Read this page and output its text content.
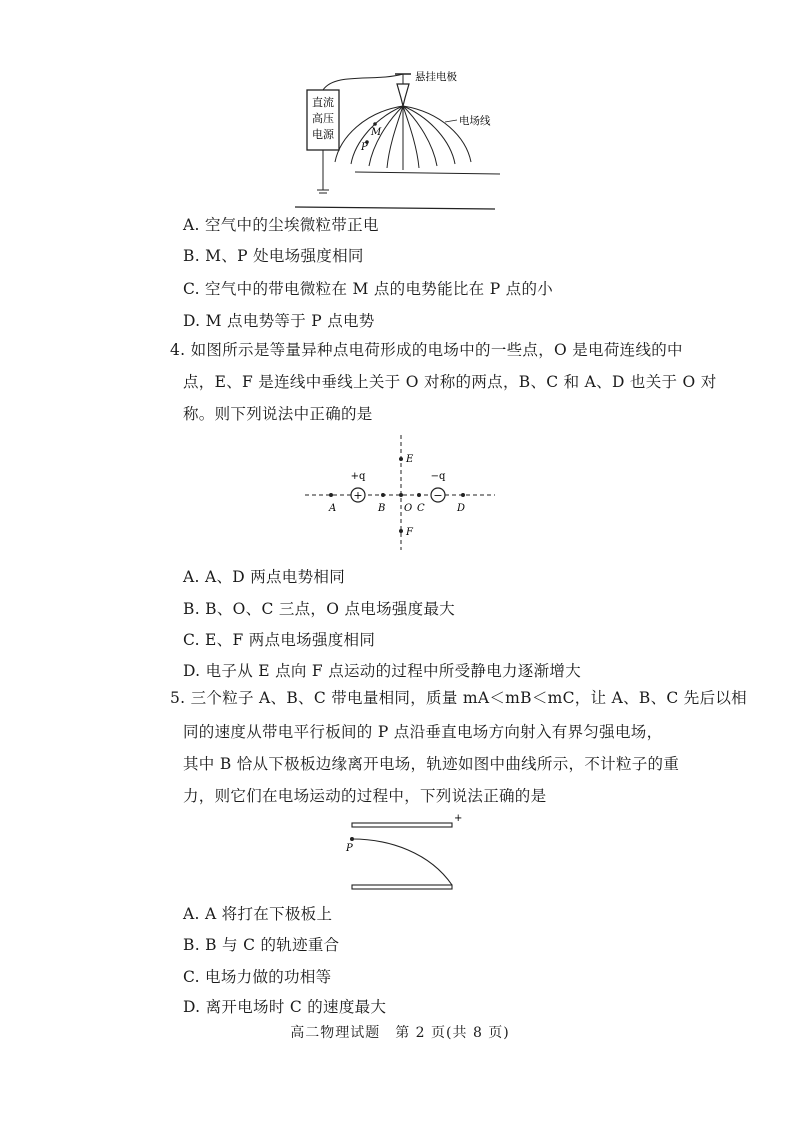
直流
高压
电源
悬挂电极
电场线
M
P
A. 空气中的尘埃微粒带正电
B. M、P 处电场强度相同
C. 空气中的带电微粒在 M 点的电势能比在 P 点的小
D. M 点电势等于 P 点电势
4. 如图所示是等量异种点电荷形成的电场中的一些点，O 是电荷连线的中
点，E、F 是连线中垂线上关于 O 对称的两点，B、C 和 A、D 也关于 O 对
称。则下列说法中正确的是
+
+q
−
−q
A	B O C	D
E
F
A. A、D 两点电势相同
B. B、O、C 三点，O 点电场强度最大
C. E、F 两点电场强度相同
D. 电子从 E 点向 F 点运动的过程中所受静电力逐渐增大
5. 三个粒子 A、B、C 带电量相同，质量 mA＜mB＜mC，让 A、B、C 先后以相
同的速度从带电平行板间的 P 点沿垂直电场方向射入有界匀强电场，
其中 B 恰从下极板边缘离开电场，轨迹如图中曲线所示，不计粒子的重
力，则它们在电场运动的过程中，下列说法正确的是
+
P
A. A 将打在下极板上
B. B 与 C 的轨迹重合
C. 电场力做的功相等
D. 离开电场时 C 的速度最大
高二物理试题　第 2 页(共 8 页)
